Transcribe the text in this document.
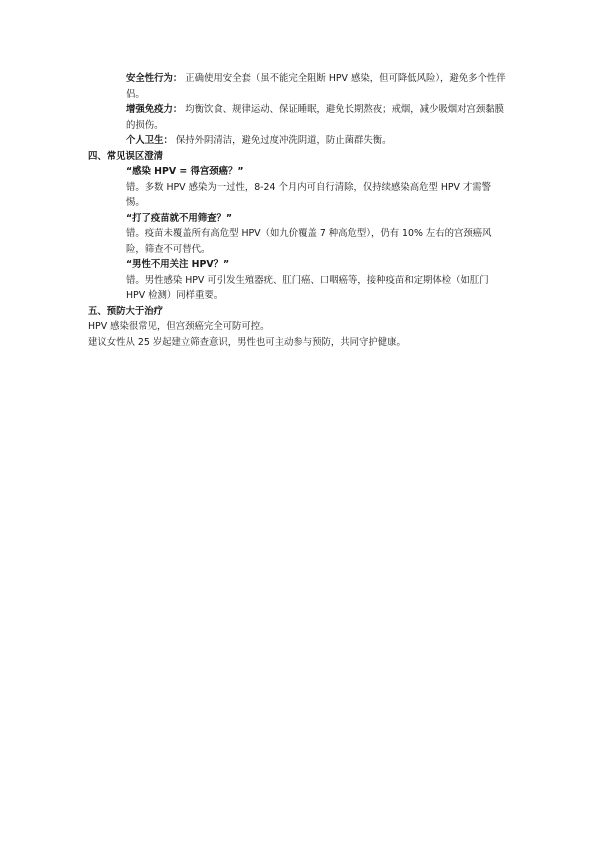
安全性行为： 正确使用安全套（虽不能完全阻断 HPV 感染，但可降低风险），避免多个性伴侣。

增强免疫力： 均衡饮食、规律运动、保证睡眠，避免长期熬夜；戒烟，减少吸烟对宫颈黏膜的损伤。

个人卫生： 保持外阴清洁，避免过度冲洗阴道，防止菌群失衡。

四、常见误区澄清

“感染 HPV = 得宫颈癌？”

错。多数 HPV 感染为一过性，8-24 个月内可自行清除，仅持续感染高危型 HPV 才需警惕。

“打了疫苗就不用筛查？”

错。疫苗未覆盖所有高危型 HPV（如九价覆盖 7 种高危型），仍有 10% 左右的宫颈癌风险，筛查不可替代。

“男性不用关注 HPV？”

错。男性感染 HPV 可引发生殖器疣、肛门癌、口咽癌等，接种疫苗和定期体检（如肛门 HPV 检测）同样重要。

五、预防大于治疗

HPV 感染很常见，但宫颈癌完全可防可控。

建议女性从 25 岁起建立筛查意识，男性也可主动参与预防，共同守护健康。
